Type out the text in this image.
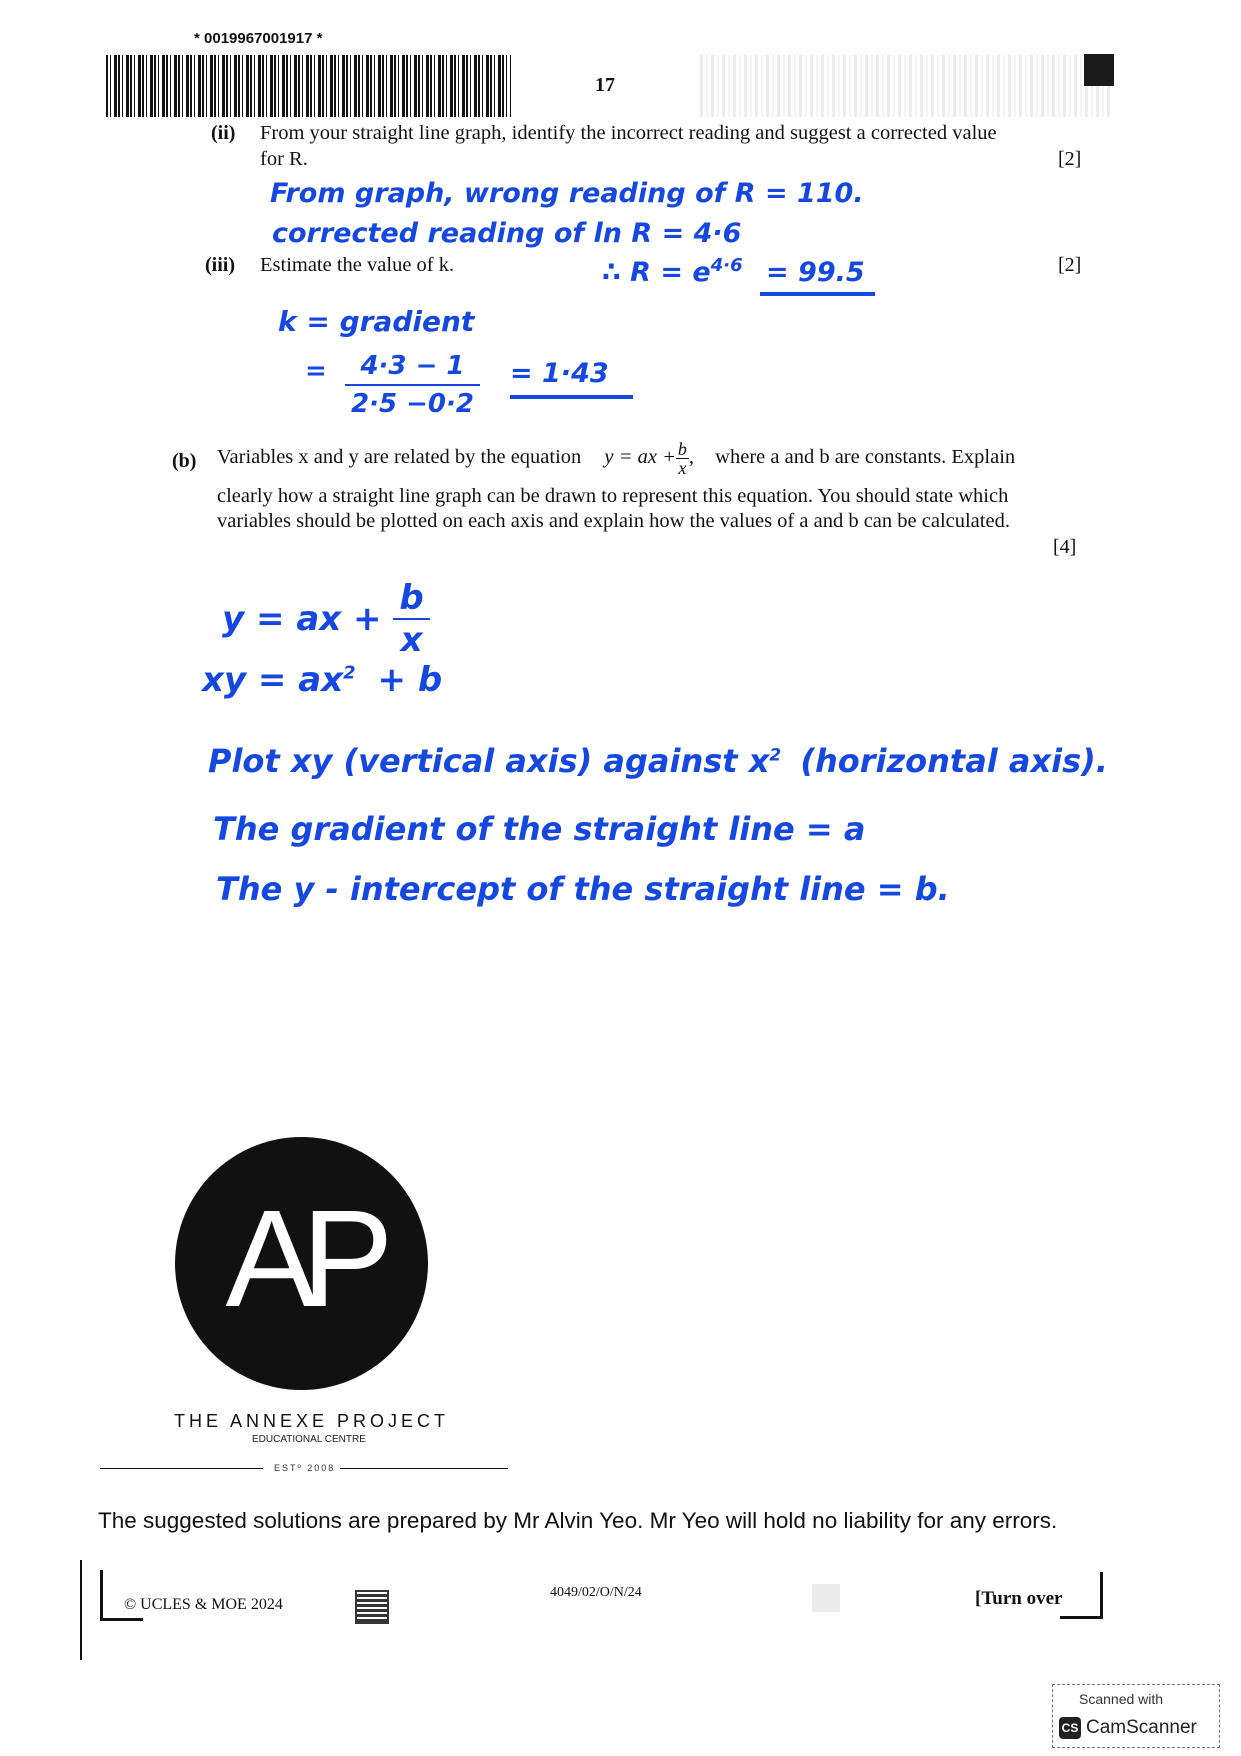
* 0019967001917 *
17
(ii) From your straight line graph, identify the incorrect reading and suggest a corrected value
for R.	[2]
From graph, wrong reading of R = 110.
corrected reading of ln R = 4·6
∴ $R = e^{4\cdot 6} = 99.5$
(iii) Estimate the value of k.	[2]
k = gradient
= $\frac{4\cdot 3 - 1}{2\cdot 5 -0\cdot 2} = 1\cdot 43$
(b) Variables x and y are related by the equation y = ax + $\frac{b}{x}$ , where a and b are constants. Explain
clearly how a straight line graph can be drawn to represent this equation. You should state which
variables should be plotted on each axis and explain how the values of a and b can be calculated.
[4]
y = ax + $\frac{b}{x}$
xy = $ax^2 + b$
Plot xy (vertical axis) against $x^2$ (horizontal axis).
The gradient of the straight line = a
The y - intercept of the straight line = b.
AP
THE ANNEXE PROJECT
EDUCATIONAL CENTRE
ESTº 2008
The suggested solutions are prepared by Mr Alvin Yeo. Mr Yeo will hold no liability for any errors.
© UCLES & MOE 2024
4049/02/O/N/24	[Turn over
Scanned with
CS CamScanner
